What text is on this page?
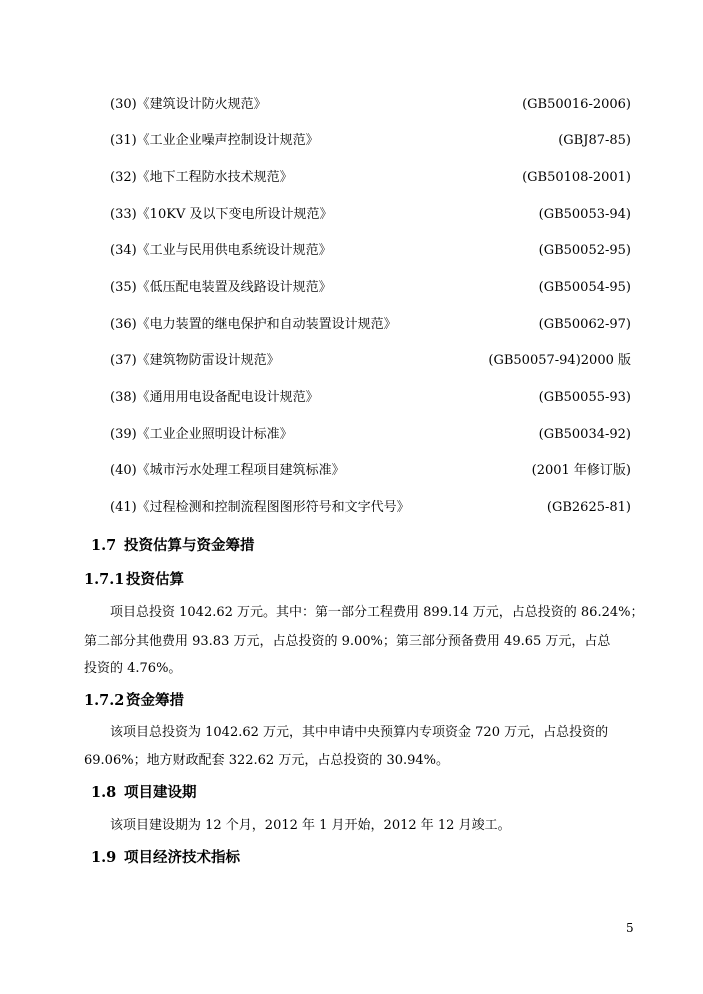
(30)《建筑设计防火规范》	(GB50016-2006)
(31)《工业企业噪声控制设计规范》	(GBJ87-85)
(32)《地下工程防水技术规范》	(GB50108-2001)
(33)《10KV 及以下变电所设计规范》	(GB50053-94)
(34)《工业与民用供电系统设计规范》	(GB50052-95)
(35)《低压配电装置及线路设计规范》	(GB50054-95)
(36)《电力装置的继电保护和自动装置设计规范》	(GB50062-97)
(37)《建筑物防雷设计规范》	(GB50057-94)2000 版
(38)《通用用电设备配电设计规范》	(GB50055-93)
(39)《工业企业照明设计标准》	(GB50034-92)
(40)《城市污水处理工程项目建筑标准》	(2001 年修订版)
(41)《过程检测和控制流程图图形符号和文字代号》	(GB2625-81)
1.7 投资估算与资金筹措
1.7.1 投资估算
项目总投资 1042.62 万元。其中：第一部分工程费用 899.14 万元，占总投资的 86.24%；
第二部分其他费用 93.83 万元，占总投资的 9.00%；第三部分预备费用 49.65 万元，占总
投资的 4.76%。
1.7.2 资金筹措
该项目总投资为 1042.62 万元，其中申请中央预算内专项资金 720 万元，占总投资的
69.06%；地方财政配套 322.62 万元，占总投资的 30.94%。
1.8 项目建设期
该项目建设期为 12 个月，2012 年 1 月开始，2012 年 12 月竣工。
1.9 项目经济技术指标
5
